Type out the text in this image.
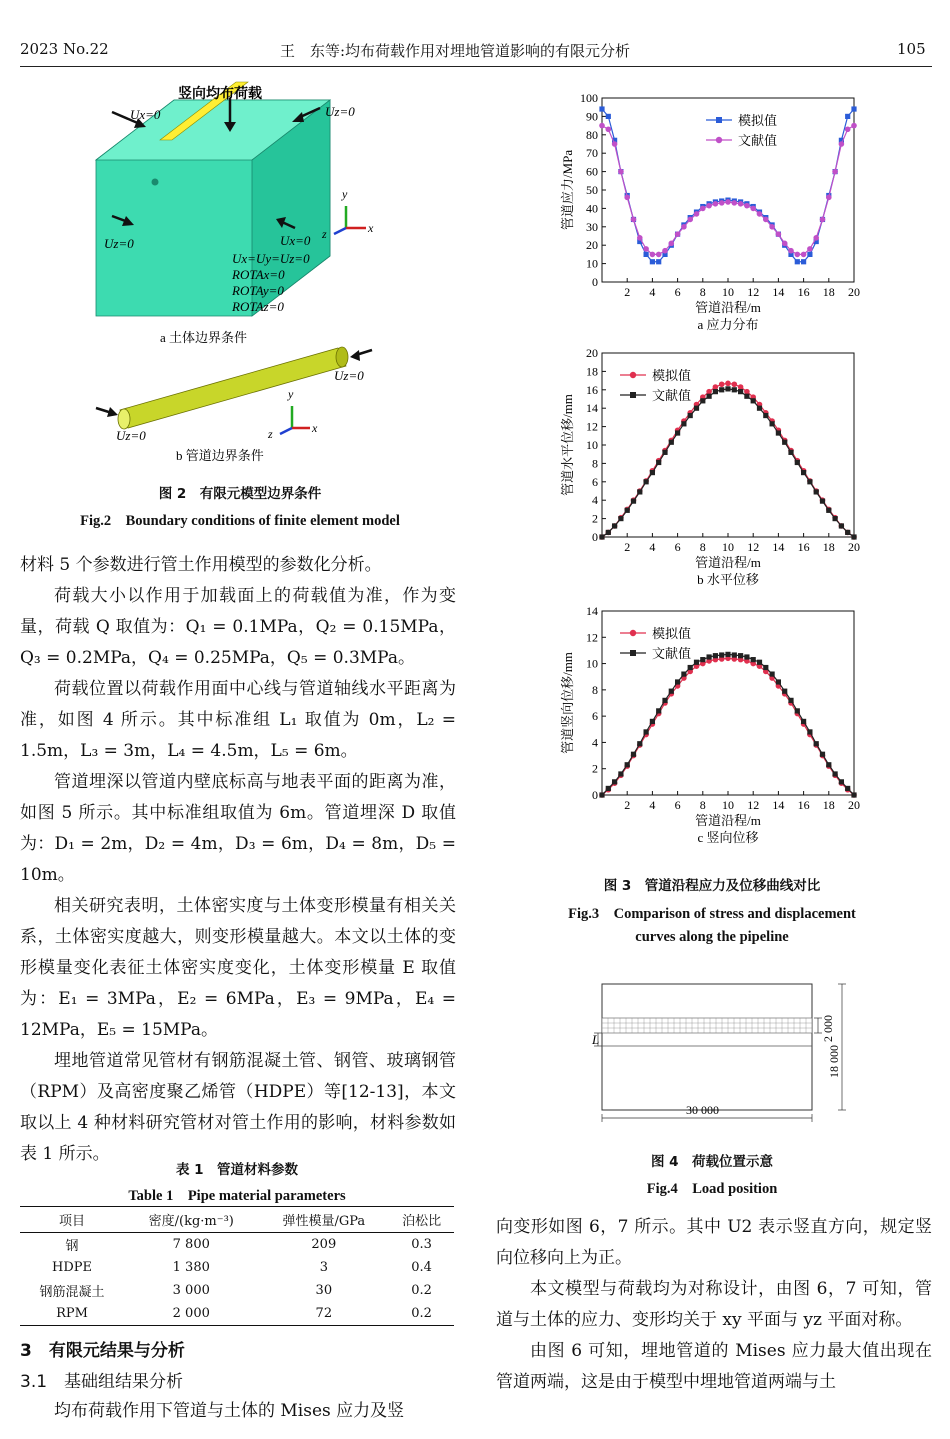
2023 No.22	王　东等:均布荷载作用对埋地管道影响的有限元分析	105
竖向均布荷载
Ux=0	Uz=0
Uz=0	Ux=0
Ux=Uy=Uz=0
ROTAx=0
ROTAy=0
ROTAz=0
y
x
z
a 土体边界条件
Uz=0
Uz=0
y
x
z
b 管道边界条件
图 2　有限元模型边界条件
Fig.2　Boundary conditions of finite element model

材料 5 个参数进行管土作用模型的参数化分析。

荷载大小以作用于加载面上的荷载值为准，作为变量，荷载 Q 取值为：Q₁ = 0.1MPa，Q₂ = 0.15MPa，Q₃ = 0.2MPa，Q₄ = 0.25MPa，Q₅ = 0.3MPa。

荷载位置以荷载作用面中心线与管道轴线水平距离为准，如图 4 所示。其中标准组 L₁ 取值为 0m，L₂ = 1.5m，L₃ = 3m，L₄ = 4.5m，L₅ = 6m。

管道埋深以管道内壁底标高与地表平面的距离为准，如图 5 所示。其中标准组取值为 6m。管道埋深 D 取值为：D₁ = 2m，D₂ = 4m，D₃ = 6m，D₄ = 8m，D₅ = 10m。

相关研究表明，土体密实度与土体变形模量有相关关系，土体密实度越大，则变形模量越大。本文以土体的变形模量变化表征土体密实度变化，土体变形模量 E 取值为：E₁ = 3MPa，E₂ = 6MPa，E₃ = 9MPa，E₄ = 12MPa，E₅ = 15MPa。

埋地管道常见管材有钢筋混凝土管、钢管、玻璃钢管（RPM）及高密度聚乙烯管（HDPE）等[12-13]，本文取以上 4 种材料研究管材对管土作用的影响，材料参数如表 1 所示。

表 1　管道材料参数
Table 1　Pipe material parameters
项目	密度/(kg·m⁻³)	弹性模量/GPa	泊松比
钢	7 800	209	0.3
HDPE	1 380	3	0.4
钢筋混凝土	3 000	30	0.2
RPM	2 000	72	0.2
3　有限元结果与分析
3.1　基础组结果分析

均布荷载作用下管道与土体的 Mises 应力及竖

0
10
20
30
40
50
60
70
80
90
100
2 4 6 8 10 12 14 16 18 20
管道沿程/m
a 应力分布
管道应力/MPa
模拟值
文献值
0
2
4
6
8
10
12
14
16
18
20
2 4 6 8 10 12 14 16 18 20
管道沿程/m
b 水平位移
管道水平位移/mm
模拟值
文献值
0
2
4
6
8
10
12
14
2 4 6 8 10 12 14 16 18 20
管道沿程/m
c 竖向位移
管道竖向位移/mm
模拟值
文献值
图 3　管道沿程应力及位移曲线对比
Fig.3　Comparison of stress and displacement
curves along the pipeline
L	2 000
18 000
30 000
图 4　荷载位置示意
Fig.4　Load position

向变形如图 6，7 所示。其中 U2 表示竖直方向，规定竖向位移向上为正。

本文模型与荷载均为对称设计，由图 6，7 可知，管道与土体的应力、变形均关于 xy 平面与 yz 平面对称。

由图 6 可知，埋地管道的 Mises 应力最大值出现在管道两端，这是由于模型中埋地管道两端与土
